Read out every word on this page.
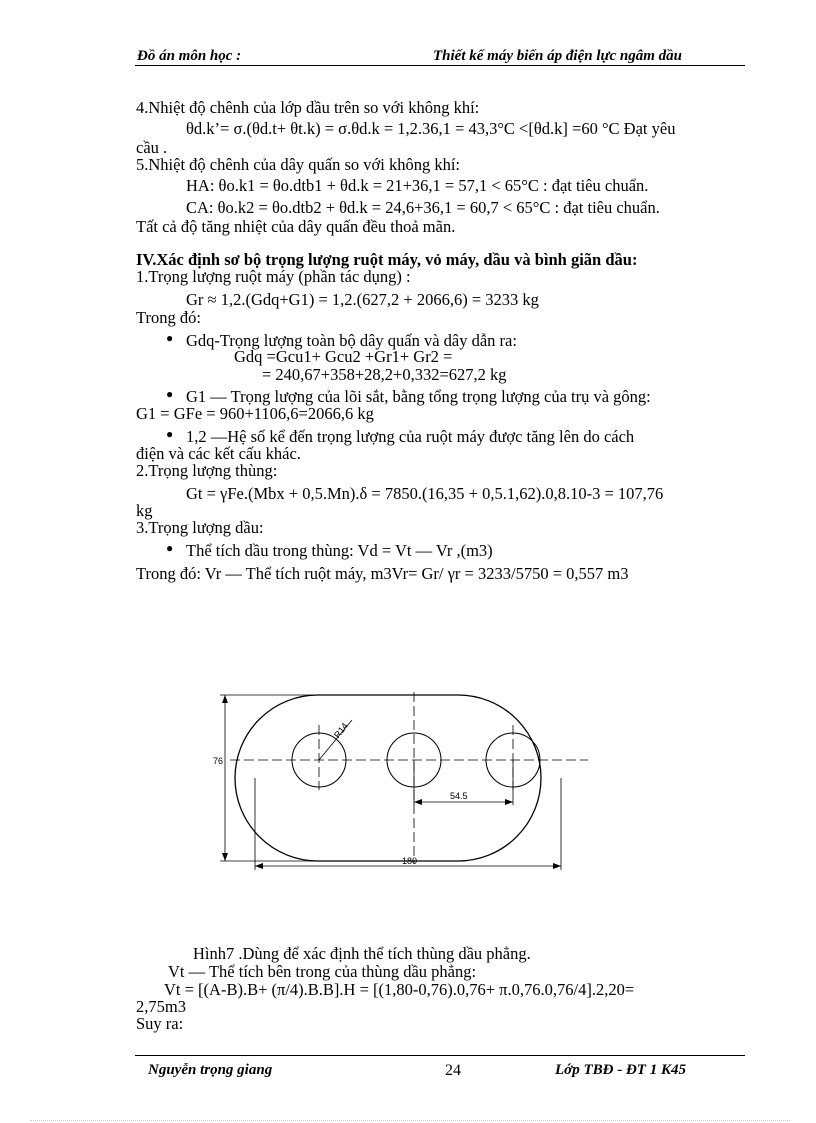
Đồ án môn học :	Thiết kế máy biến áp điện lực ngâm dầu
4.Nhiệt độ chênh của lớp dầu trên so với không khí:
θd.k’= σ.(θd.t+ θt.k) = σ.θd.k = 1,2.36,1 = 43,3°C <[θd.k] =60 °C Đạt yêu
cầu .
5.Nhiệt độ chênh của dây quấn so với không khí:
HA: θo.k1 = θo.dtb1 + θd.k = 21+36,1 = 57,1 < 65°C : đạt tiêu chuẩn.
CA: θo.k2 = θo.dtb2 + θd.k = 24,6+36,1 = 60,7 < 65°C : đạt tiêu chuẩn.
Tất cả độ tăng nhiệt của dây quấn đều thoả mãn.
IV.Xác định sơ bộ trọng lượng ruột máy, vỏ máy, dầu và bình giãn dầu:
1.Trọng lượng ruột máy (phần tác dụng) :
Gr ≈ 1,2.(Gdq+G1) = 1,2.(627,2 + 2066,6) = 3233 kg
Trong đó:
● Gdq-Trọng lượng toàn bộ dây quấn và dây dẫn ra:
Gdq =Gcu1+ Gcu2 +Gr1+ Gr2 =
= 240,67+358+28,2+0,332=627,2 kg
● G1 — Trọng lượng của lõi sắt, bằng tổng trọng lượng của trụ và gông:
G1 = GFe = 960+1106,6=2066,6 kg
● 1,2 —Hệ số kể đến trọng lượng của ruột máy được tăng lên do cách
điện và các kết cấu khác.
2.Trọng lượng thùng:
Gt = γFe.(Mbx + 0,5.Mn).δ = 7850.(16,35 + 0,5.1,62).0,8.10-3 = 107,76
kg
3.Trọng lượng dầu:
● Thể tích dầu trong thùng: Vd = Vt — Vr ,(m3)
Trong đó: Vr — Thể tích ruột máy, m3Vr= Gr/ γr = 3233/5750 = 0,557 m3
76
R14
54.5
180
Hình7 .Dùng để xác định thể tích thùng dầu phẳng.
Vt — Thể tích bên trong của thùng dầu phẳng:
Vt = [(A-B).B+ (π/4).B.B].H = [(1,80-0,76).0,76+ π.0,76.0,76/4].2,20=
2,75m3
Suy ra:
Nguyễn trọng giang	24	Lớp TBĐ - ĐT 1 K45
